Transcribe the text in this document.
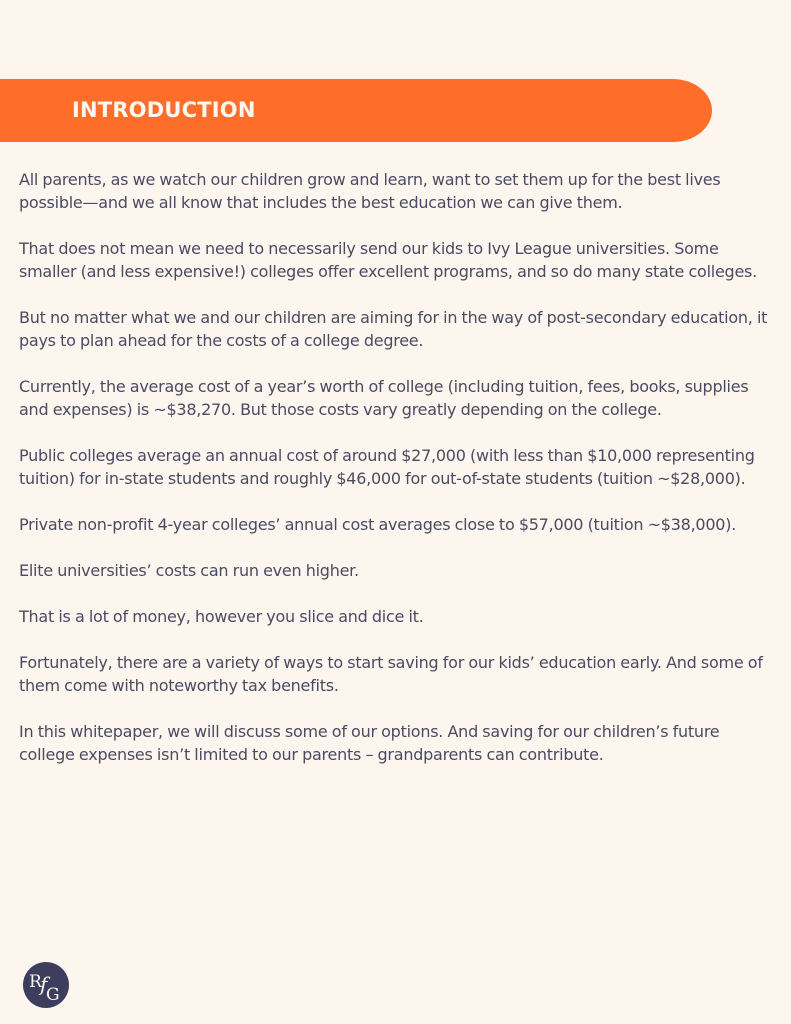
INTRODUCTION

All parents, as we watch our children grow and learn, want to set them up for the best lives possible—and we all know that includes the best education we can give them.

That does not mean we need to necessarily send our kids to Ivy League universities. Some smaller (and less expensive!) colleges offer excellent programs, and so do many state colleges.

But no matter what we and our children are aiming for in the way of post-secondary education, it pays to plan ahead for the costs of a college degree.

Currently, the average cost of a year’s worth of college (including tuition, fees, books, supplies and expenses) is ~$38,270. But those costs vary greatly depending on the college.

Public colleges average an annual cost of around $27,000 (with less than $10,000 representing tuition) for in-state students and roughly $46,000 for out-of-state students (tuition ~$28,000).

Private non-profit 4-year colleges’ annual cost averages close to $57,000 (tuition ~$38,000).

Elite universities’ costs can run even higher.

That is a lot of money, however you slice and dice it.

Fortunately, there are a variety of ways to start saving for our kids’ education early. And some of them come with noteworthy tax benefits.

In this whitepaper, we will discuss some of our options. And saving for our children’s future college expenses isn’t limited to our parents – grandparents can contribute.

R
f
G
